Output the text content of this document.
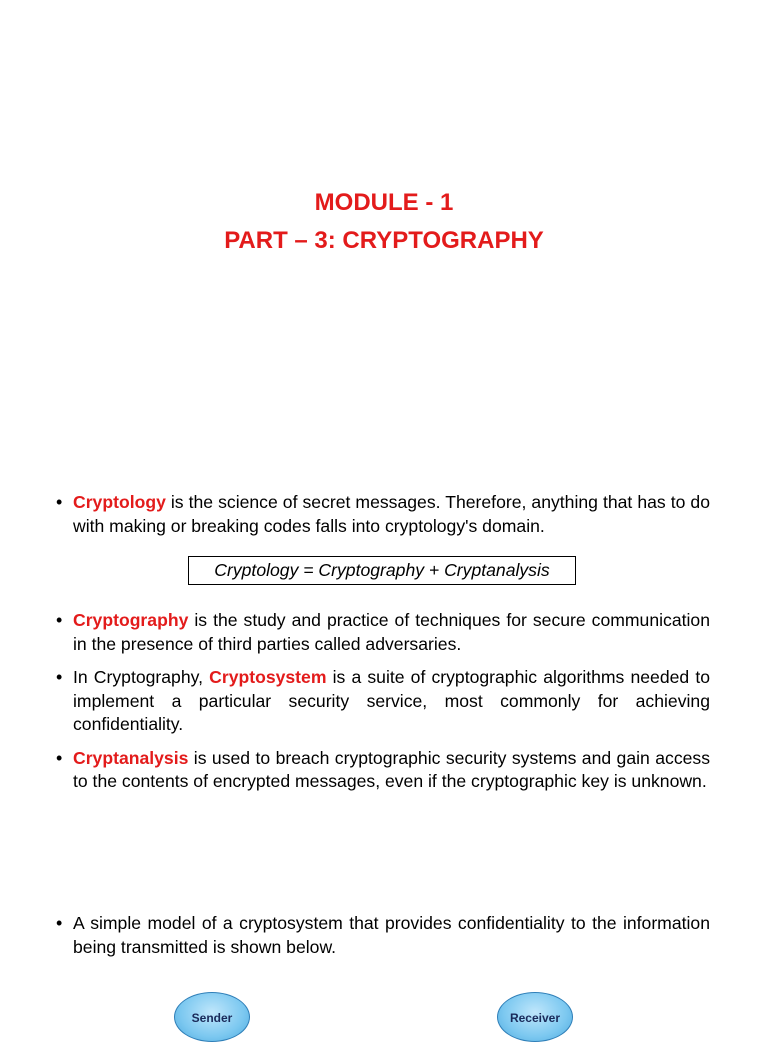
MODULE - 1
PART – 3: CRYPTOGRAPHY
• Cryptology is the science of secret messages. Therefore, anything that has to do with making or breaking codes falls into cryptology's domain.
Cryptology = Cryptography + Cryptanalysis
• Cryptography is the study and practice of techniques for secure communication in the presence of third parties called adversaries.
• In Cryptography, Cryptosystem is a suite of cryptographic algorithms needed to implement a particular security service, most commonly for achieving confidentiality.
• Cryptanalysis is used to breach cryptographic security systems and gain access to the contents of encrypted messages, even if the cryptographic key is unknown.
• A simple model of a cryptosystem that provides confidentiality to the information being transmitted is shown below.
Sender	Receiver
